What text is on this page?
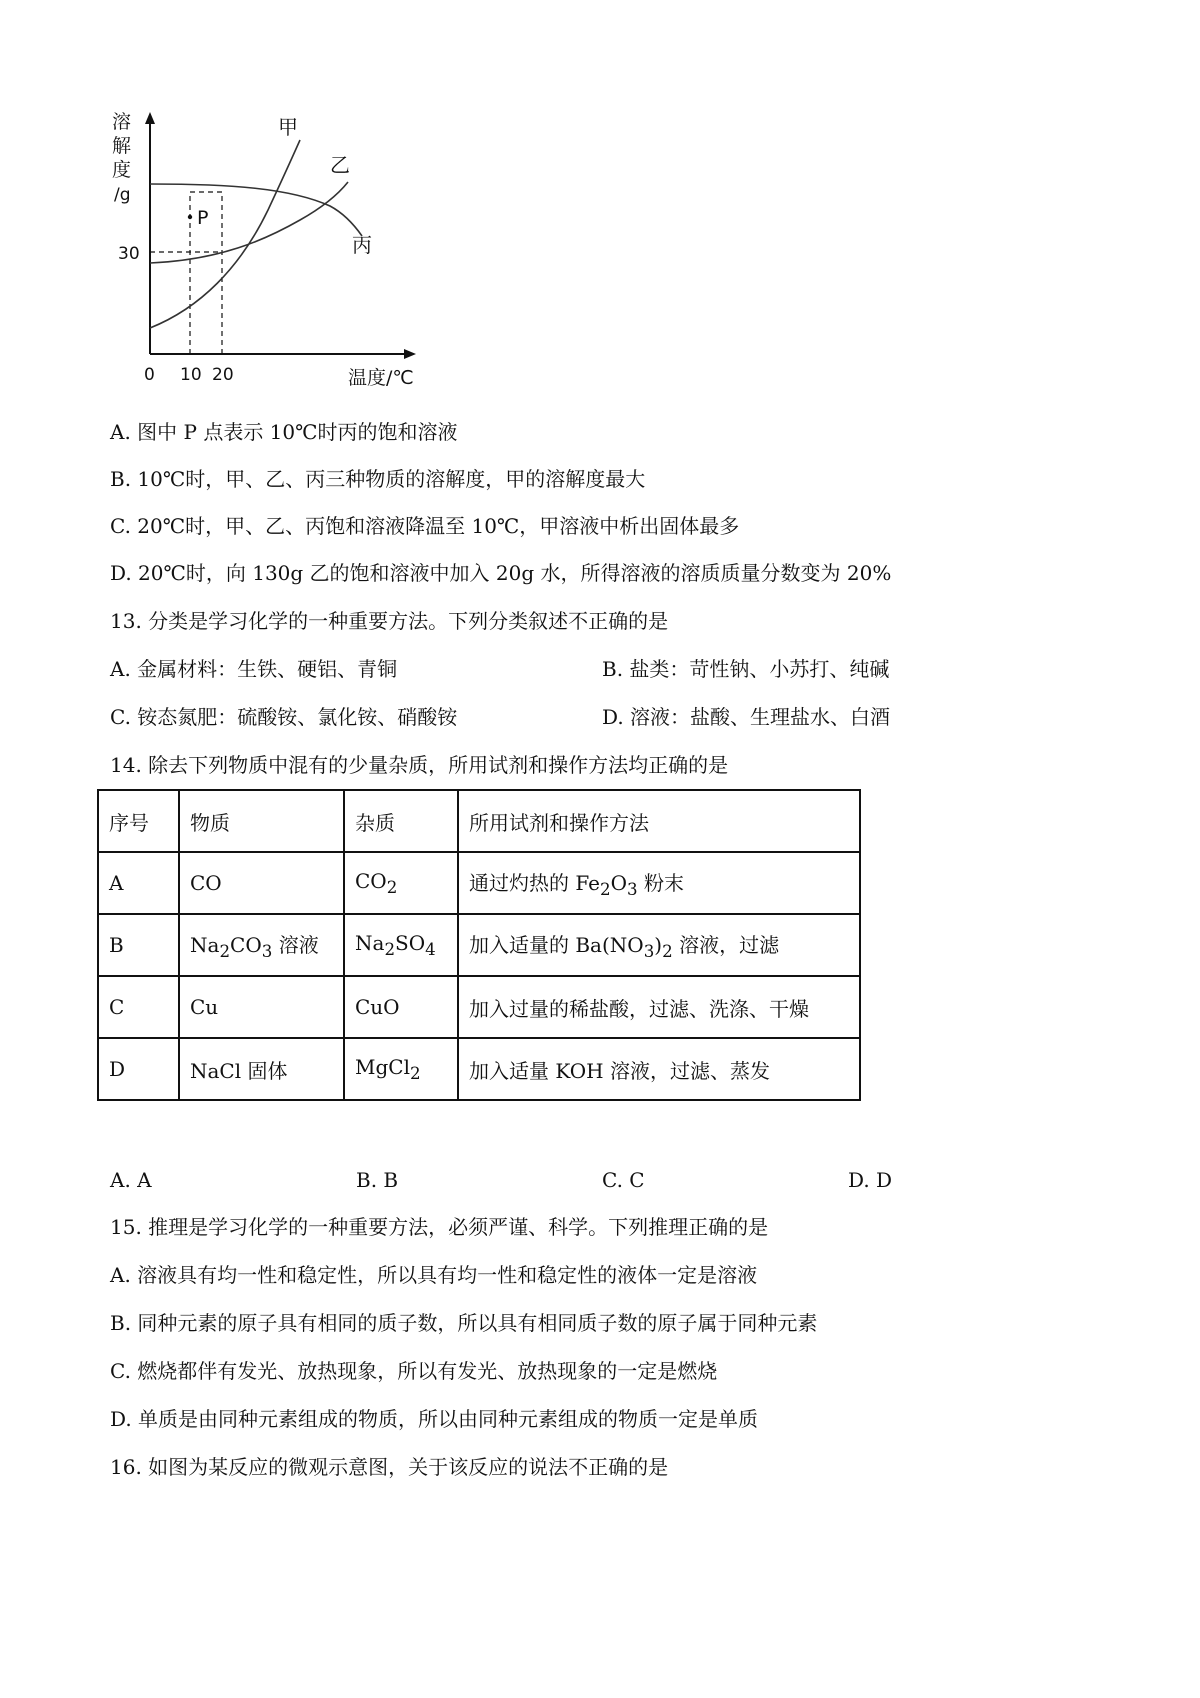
溶
解
度
/g
P
甲
乙
丙
30
0 10 20	温度/℃
A. 图中 P 点表示 10℃时丙的饱和溶液
B. 10℃时，甲、乙、丙三种物质的溶解度，甲的溶解度最大
C. 20℃时，甲、乙、丙饱和溶液降温至 10℃，甲溶液中析出固体最多
D. 20℃时，向 130g 乙的饱和溶液中加入 20g 水，所得溶液的溶质质量分数变为 20%
13. 分类是学习化学的一种重要方法。下列分类叙述不正确的是
A. 金属材料：生铁、硬铝、青铜	B. 盐类：苛性钠、小苏打、纯碱
C. 铵态氮肥：硫酸铵、氯化铵、硝酸铵	D. 溶液：盐酸、生理盐水、白酒
14. 除去下列物质中混有的少量杂质，所用试剂和操作方法均正确的是
序号	物质	杂质	所用试剂和操作方法
A	CO	$CO_2$	通过灼热的 $Fe_2O_3$ 粉末
B	$Na_2CO_3$ 溶液	$Na_2SO_4$	加入适量的 $Ba(NO_3)_2$ 溶液，过滤
C	Cu	CuO	加入过量的稀盐酸，过滤、洗涤、干燥
D	NaCl 固体	MgCl$_2$	加入适量 KOH 溶液，过滤、蒸发
A. A	B. B	C. C	D. D
15. 推理是学习化学的一种重要方法，必须严谨、科学。下列推理正确的是
A. 溶液具有均一性和稳定性，所以具有均一性和稳定性的液体一定是溶液
B. 同种元素的原子具有相同的质子数，所以具有相同质子数的原子属于同种元素
C. 燃烧都伴有发光、放热现象，所以有发光、放热现象的一定是燃烧
D. 单质是由同种元素组成的物质，所以由同种元素组成的物质一定是单质
16. 如图为某反应的微观示意图，关于该反应的说法不正确的是
